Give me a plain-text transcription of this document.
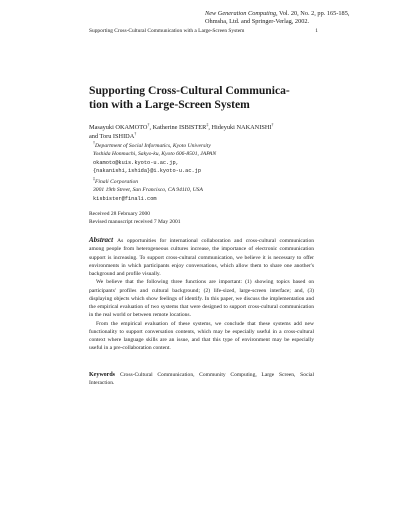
New Generation Computing, Vol. 20, No. 2, pp. 165-185,
Ohmsha, Ltd. and Springer-Verlag, 2002.
Supporting Cross-Cultural Communication with a Large-Screen System	1
Supporting Cross-Cultural Communica-
tion with a Large-Screen System
Masayuki OKAMOTO†, Katherine ISBISTER‡, Hideyuki NAKANISHI†
and Toru ISHIDA†
†Department of Social Informatics, Kyoto University
Yoshida Honmachi, Sakyo-ku, Kyoto 606-8501, JAPAN
okamoto@kuis.kyoto-u.ac.jp,
{nakanishi,ishida}@i.kyoto-u.ac.jp
‡Finali Corporation
3001 19th Street, San Francisco, CA 94110, USA
kisbister@finali.com
Received 28 February 2000
Revised manuscript received 7 May 2001

Abstract As opportunities for international collaboration and cross-cultural communication among people from heterogeneous cultures increase, the importance of electronic communication support is increasing. To support cross-cultural communication, we believe it is necessary to offer environments in which participants enjoy conversations, which allow them to share one another's background and profile visually.

We believe that the following three functions are important: (1) showing topics based on participants' profiles and cultural background; (2) life-sized, large-screen interface; and, (3) displaying objects which show feelings of identify. In this paper, we discuss the implementation and the empirical evaluation of two systems that were designed to support cross-cultural communication in the real world or between remote locations.

From the empirical evaluation of these systems, we conclude that these systems add new functionality to support conversation contents, which may be especially useful in a cross-cultural context where language skills are an issue, and that this type of environment may be especially useful in a pre-collaboration content.

Keywords Cross-Cultural Communication, Community Computing, Large Screen, Social Interaction.
